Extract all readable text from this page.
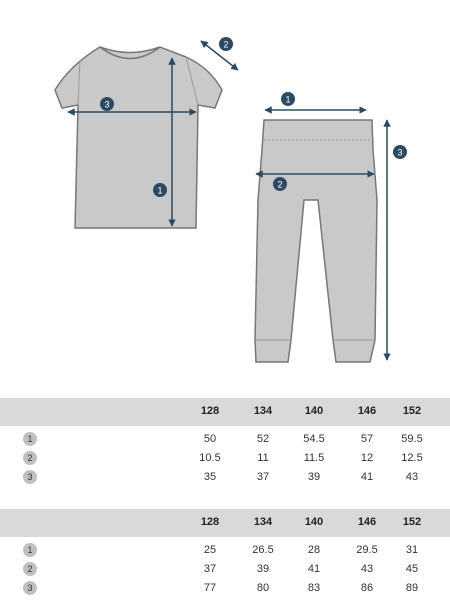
1
2
3	1
2
3
128	134	140	146	152
1	50	52	54.5	57	59.5
2	10.5	11	11.5	12	12.5
3	35	37	39	41	43
128	134	140	146	152
1	25	26.5	28	29.5	31
2	37	39	41	43	45
3	77	80	83	86	89
